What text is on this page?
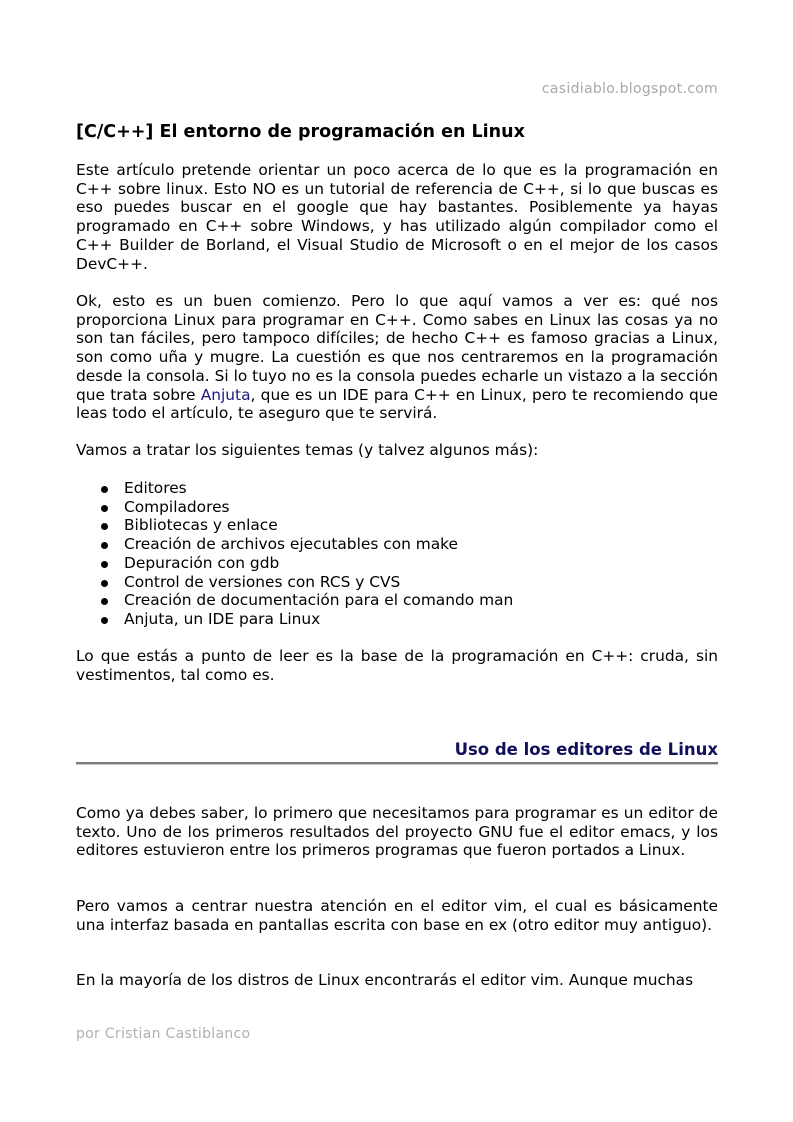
casidiablo.blogspot.com
[C/C++] El entorno de programación en Linux

Este artículo pretende orientar un poco acerca de lo que es la programación en C++ sobre linux. Esto NO es un tutorial de referencia de C++, si lo que buscas es eso puedes buscar en el google que hay bastantes. Posiblemente ya hayas programado en C++ sobre Windows, y has utilizado algún compilador como el C++ Builder de Borland, el Visual Studio de Microsoft o en el mejor de los casos DevC++.

Ok, esto es un buen comienzo. Pero lo que aquí vamos a ver es: qué nos proporciona Linux para programar en C++. Como sabes en Linux las cosas ya no son tan fáciles, pero tampoco difíciles; de hecho C++ es famoso gracias a Linux, son como uña y mugre. La cuestión es que nos centraremos en la programación desde la consola. Si lo tuyo no es la consola puedes echarle un vistazo a la sección que trata sobre Anjuta, que es un IDE para C++ en Linux, pero te recomiendo que leas todo el artículo, te aseguro que te servirá.

Vamos a tratar los siguientes temas (y talvez algunos más):

Editores
Compiladores
Bibliotecas y enlace
Creación de archivos ejecutables con make
Depuración con gdb
Control de versiones con RCS y CVS
Creación de documentación para el comando man
Anjuta, un IDE para Linux

Lo que estás a punto de leer es la base de la programación en C++: cruda, sin vestimentos, tal como es.

Uso de los editores de Linux

Como ya debes saber, lo primero que necesitamos para programar es un editor de texto. Uno de los primeros resultados del proyecto GNU fue el editor emacs, y los editores estuvieron entre los primeros programas que fueron portados a Linux.

Pero vamos a centrar nuestra atención en el editor vim, el cual es básicamente una interfaz basada en pantallas escrita con base en ex (otro editor muy antiguo).

En la mayoría de los distros de Linux encontrarás el editor vim. Aunque muchas

por Cristian Castiblanco
